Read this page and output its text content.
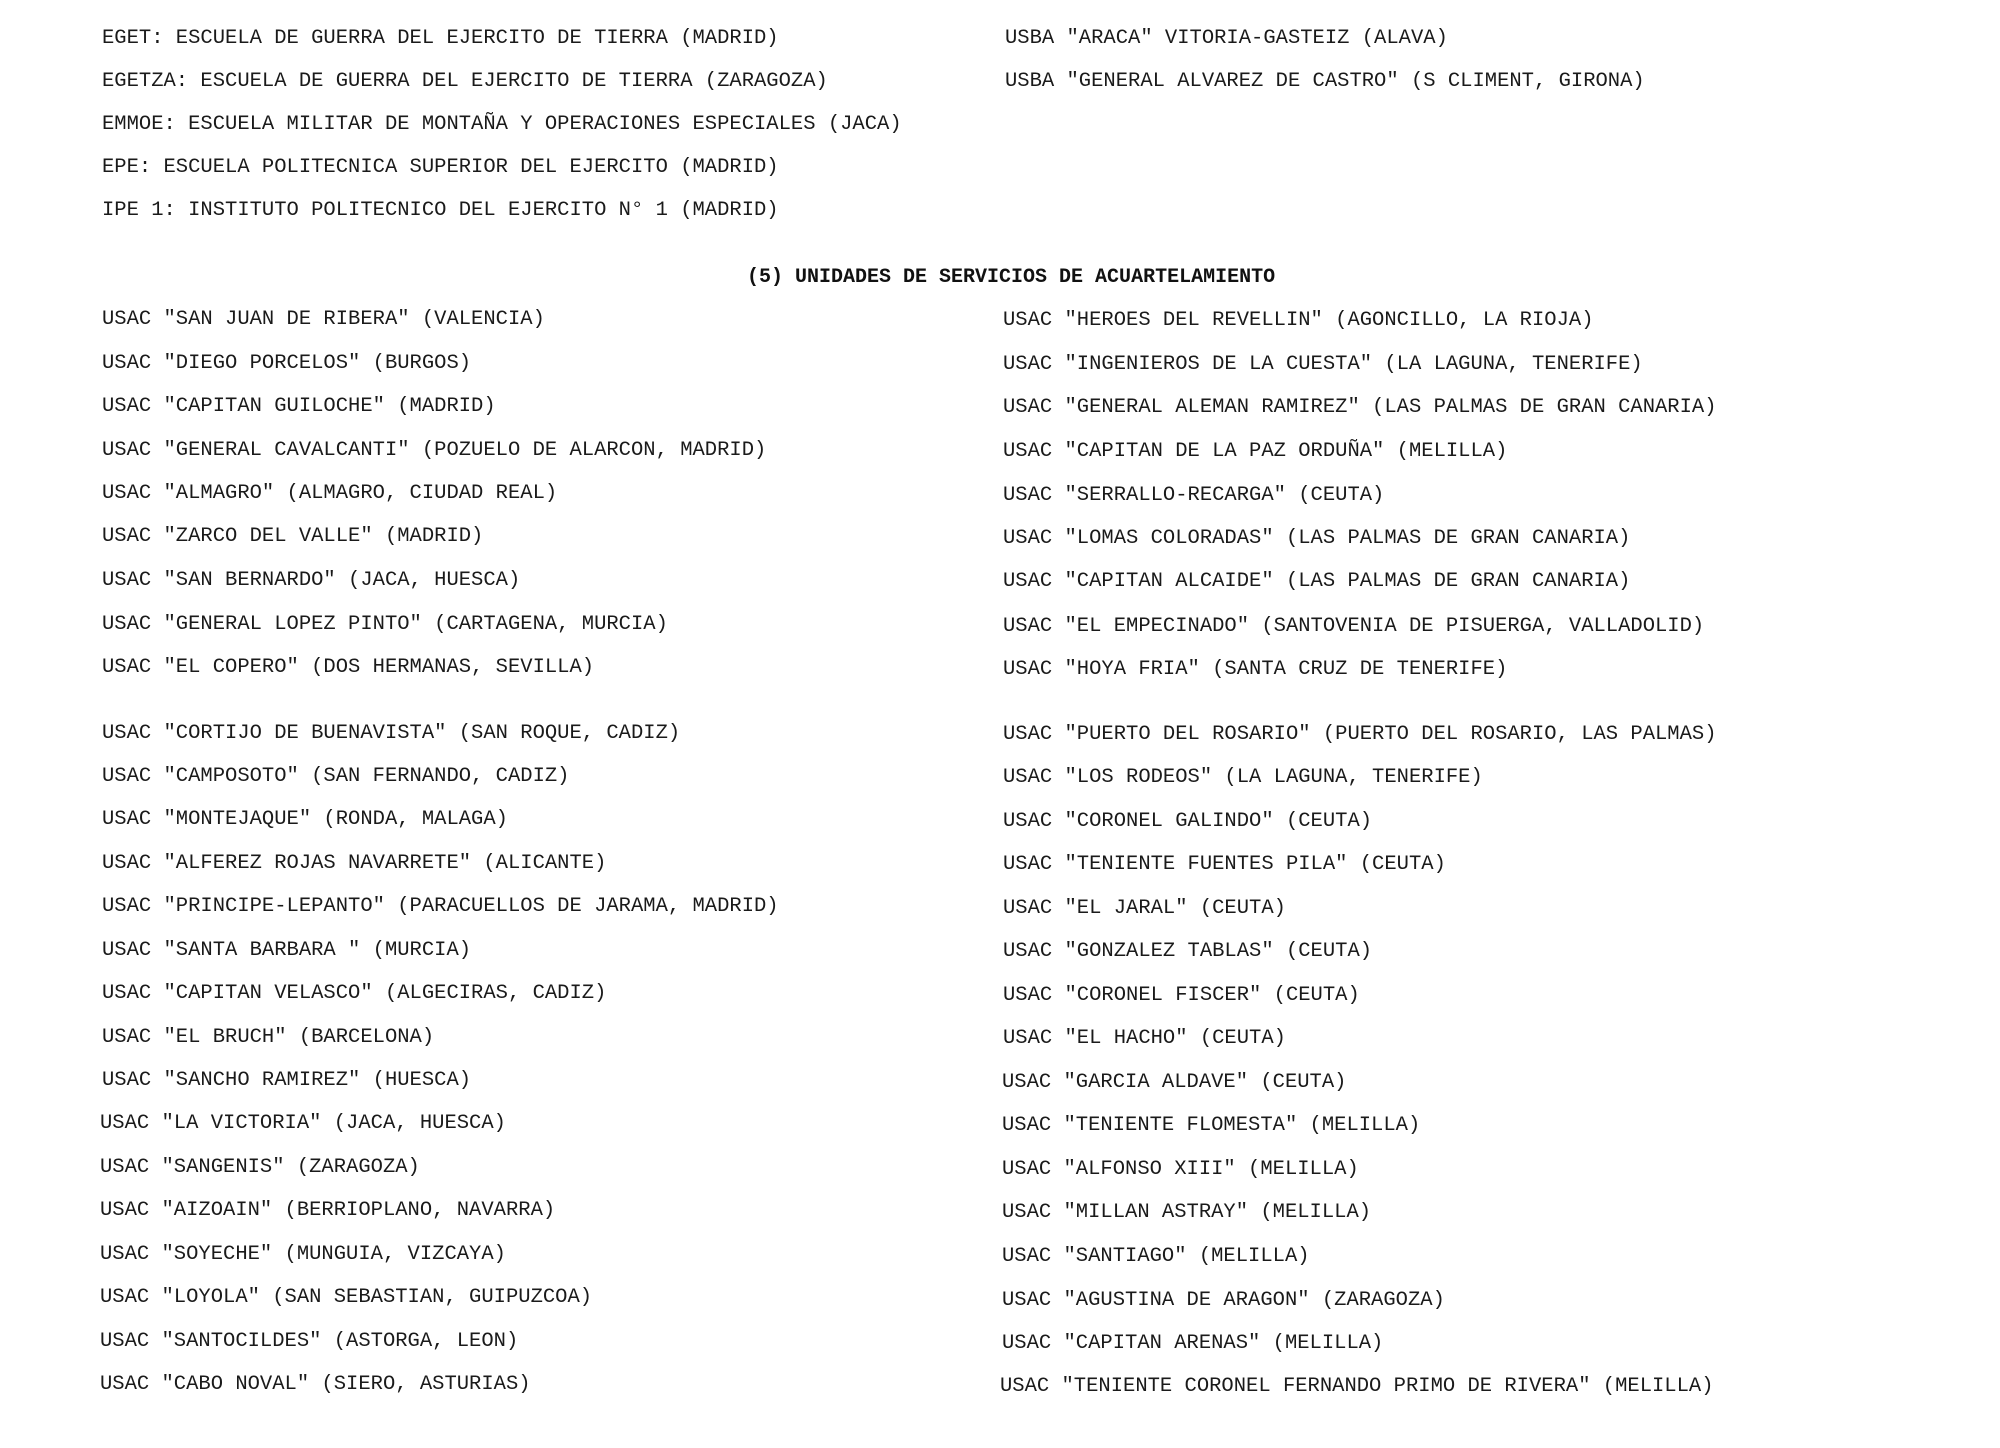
EGET: ESCUELA DE GUERRA DEL EJERCITO DE TIERRA (MADRID)
EGETZA: ESCUELA DE GUERRA DEL EJERCITO DE TIERRA (ZARAGOZA)
EMMOE: ESCUELA MILITAR DE MONTAÑA Y OPERACIONES ESPECIALES (JACA)
EPE: ESCUELA POLITECNICA SUPERIOR DEL EJERCITO (MADRID)
IPE 1: INSTITUTO POLITECNICO DEL EJERCITO N° 1 (MADRID)
USBA "ARACA" VITORIA-GASTEIZ (ALAVA)
USBA "GENERAL ALVAREZ DE CASTRO" (S CLIMENT, GIRONA)
(5) UNIDADES DE SERVICIOS DE ACUARTELAMIENTO
USAC "SAN JUAN DE RIBERA" (VALENCIA)
USAC "DIEGO PORCELOS" (BURGOS)
USAC "CAPITAN GUILOCHE" (MADRID)
USAC "GENERAL CAVALCANTI" (POZUELO DE ALARCON, MADRID)
USAC "ALMAGRO" (ALMAGRO, CIUDAD REAL)
USAC "ZARCO DEL VALLE" (MADRID)
USAC "SAN BERNARDO" (JACA, HUESCA)
USAC "GENERAL LOPEZ PINTO" (CARTAGENA, MURCIA)
USAC "EL COPERO" (DOS HERMANAS, SEVILLA)
USAC "HEROES DEL REVELLIN" (AGONCILLO, LA RIOJA)
USAC "INGENIEROS DE LA CUESTA" (LA LAGUNA, TENERIFE)
USAC "GENERAL ALEMAN RAMIREZ" (LAS PALMAS DE GRAN CANARIA)
USAC "CAPITAN DE LA PAZ ORDUÑA" (MELILLA)
USAC "SERRALLO-RECARGA" (CEUTA)
USAC "LOMAS COLORADAS" (LAS PALMAS DE GRAN CANARIA)
USAC "CAPITAN ALCAIDE" (LAS PALMAS DE GRAN CANARIA)
USAC "EL EMPECINADO" (SANTOVENIA DE PISUERGA, VALLADOLID)
USAC "HOYA FRIA" (SANTA CRUZ DE TENERIFE)
USAC "CORTIJO DE BUENAVISTA" (SAN ROQUE, CADIZ)
USAC "CAMPOSOTO" (SAN FERNANDO, CADIZ)
USAC "MONTEJAQUE" (RONDA, MALAGA)
USAC "ALFEREZ ROJAS NAVARRETE" (ALICANTE)
USAC "PRINCIPE-LEPANTO" (PARACUELLOS DE JARAMA, MADRID)
USAC "SANTA BARBARA " (MURCIA)
USAC "CAPITAN VELASCO" (ALGECIRAS, CADIZ)
USAC "EL BRUCH" (BARCELONA)
USAC "SANCHO RAMIREZ" (HUESCA)
USAC "LA VICTORIA" (JACA, HUESCA)
USAC "SANGENIS" (ZARAGOZA)
USAC "AIZOAIN" (BERRIOPLANO, NAVARRA)
USAC "SOYECHE" (MUNGUIA, VIZCAYA)
USAC "LOYOLA" (SAN SEBASTIAN, GUIPUZCOA)
USAC "SANTOCILDES" (ASTORGA, LEON)
USAC "CABO NOVAL" (SIERO, ASTURIAS)
USAC "PUERTO DEL ROSARIO" (PUERTO DEL ROSARIO, LAS PALMAS)
USAC "LOS RODEOS" (LA LAGUNA, TENERIFE)
USAC "CORONEL GALINDO" (CEUTA)
USAC "TENIENTE FUENTES PILA" (CEUTA)
USAC "EL JARAL" (CEUTA)
USAC "GONZALEZ TABLAS" (CEUTA)
USAC "CORONEL FISCER" (CEUTA)
USAC "EL HACHO" (CEUTA)
USAC "GARCIA ALDAVE" (CEUTA)
USAC "TENIENTE FLOMESTA" (MELILLA)
USAC "ALFONSO XIII" (MELILLA)
USAC "MILLAN ASTRAY" (MELILLA)
USAC "SANTIAGO" (MELILLA)
USAC "AGUSTINA DE ARAGON" (ZARAGOZA)
USAC "CAPITAN ARENAS" (MELILLA)
USAC "TENIENTE CORONEL FERNANDO PRIMO DE RIVERA" (MELILLA)
